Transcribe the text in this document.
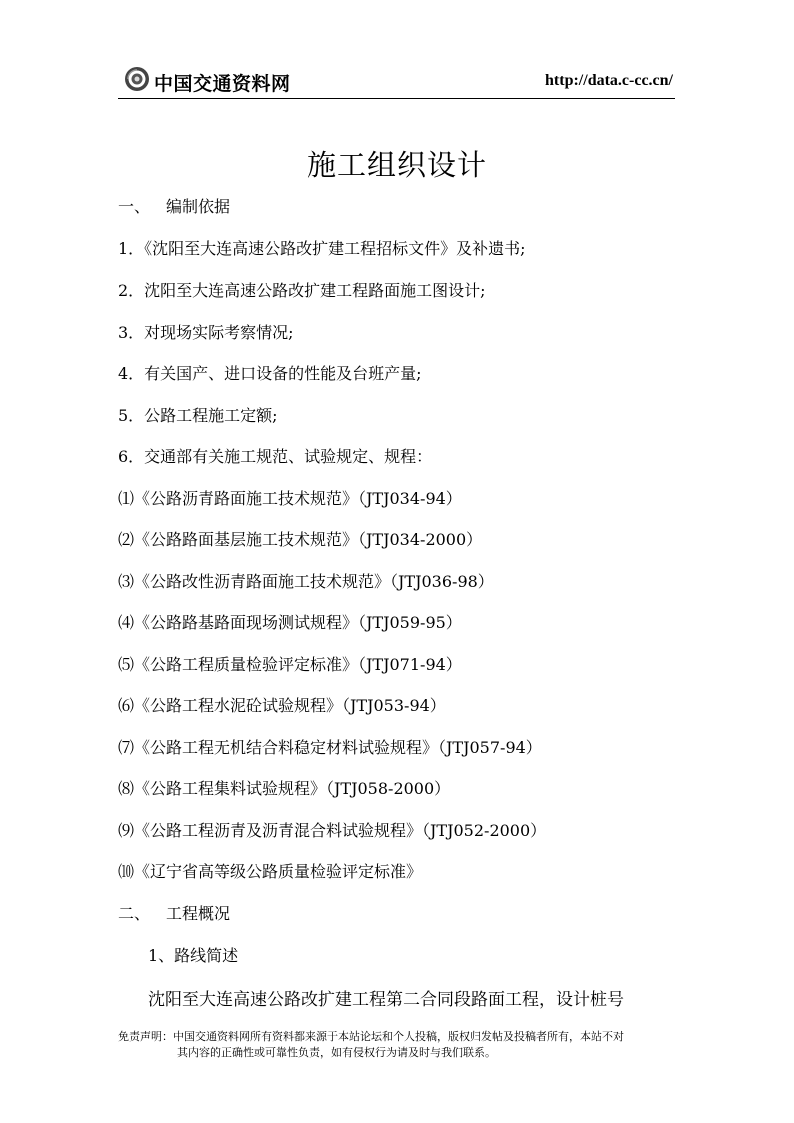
中国交通资料网	http://data.c-cc.cn/
施工组织设计
一、 编制依据
1．《沈阳至大连高速公路改扩建工程招标文件》及补遗书;
2．沈阳至大连高速公路改扩建工程路面施工图设计;
3．对现场实际考察情况;
4．有关国产、进口设备的性能及台班产量;
5．公路工程施工定额;
6．交通部有关施工规范、试验规定、规程：
⑴《公路沥青路面施工技术规范》（JTJ034-94）
⑵《公路路面基层施工技术规范》（JTJ034-2000）
⑶《公路改性沥青路面施工技术规范》（JTJ036-98）
⑷《公路路基路面现场测试规程》（JTJ059-95）
⑸《公路工程质量检验评定标准》（JTJ071-94）
⑹《公路工程水泥砼试验规程》（JTJ053-94）
⑺《公路工程无机结合料稳定材料试验规程》（JTJ057-94）
⑻《公路工程集料试验规程》（JTJ058-2000）
⑼《公路工程沥青及沥青混合料试验规程》（JTJ052-2000）
⑽《辽宁省高等级公路质量检验评定标准》
二、 工程概况
1、路线简述
沈阳至大连高速公路改扩建工程第二合同段路面工程，设计桩号
免责声明：中国交通资料网所有资料都来源于本站论坛和个人投稿，版权归发帖及投稿者所有，本站不对
其内容的正确性或可靠性负责，如有侵权行为请及时与我们联系。
